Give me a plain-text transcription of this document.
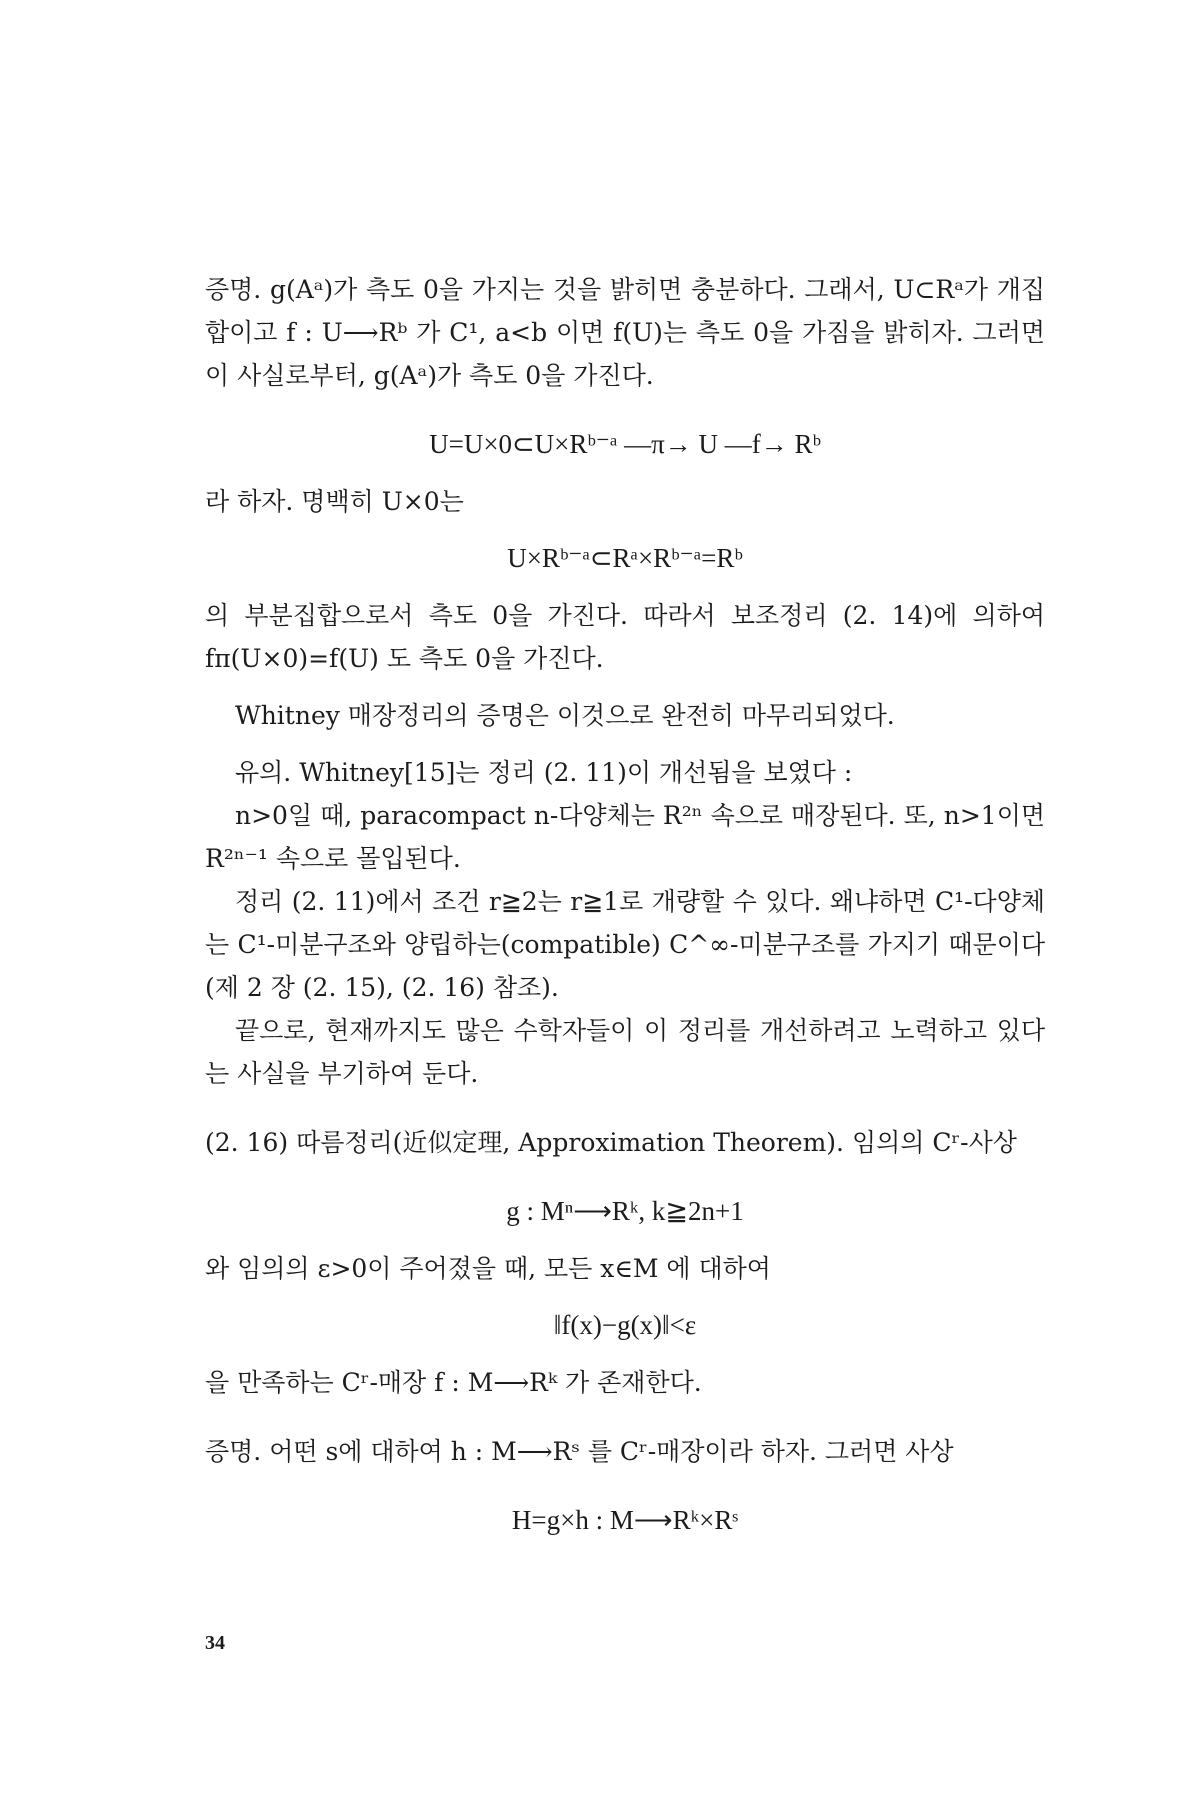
증명. g(Aᵃ)가 측도 0을 가지는 것을 밝히면 충분하다. 그래서, U⊂Rᵃ가 개집합이고 f : U⟶Rᵇ 가 C¹, a<b 이면 f(U)는 측도 0을 가짐을 밝히자. 그러면 이 사실로부터, g(Aᵃ)가 측도 0을 가진다.

U=U×0⊂U×Rᵇ⁻ᵃ —π→ U —f→ Rᵇ

라 하자. 명백히 U×0는

U×Rᵇ⁻ᵃ⊂Rᵃ×Rᵇ⁻ᵃ=Rᵇ

의 부분집합으로서 측도 0을 가진다. 따라서 보조정리 (2. 14)에 의하여 fπ(U×0)=f(U) 도 측도 0을 가진다.

Whitney 매장정리의 증명은 이것으로 완전히 마무리되었다.

유의. Whitney[15]는 정리 (2. 11)이 개선됨을 보였다 :

n>0일 때, paracompact n-다양체는 R²ⁿ 속으로 매장된다. 또, n>1이면 R²ⁿ⁻¹ 속으로 몰입된다.

정리 (2. 11)에서 조건 r≧2는 r≧1로 개량할 수 있다. 왜냐하면 C¹-다양체는 C¹-미분구조와 양립하는(compatible) C^∞-미분구조를 가지기 때문이다(제 2 장 (2. 15), (2. 16) 참조).

끝으로, 현재까지도 많은 수학자들이 이 정리를 개선하려고 노력하고 있다는 사실을 부기하여 둔다.

(2. 16) 따름정리(近似定理, Approximation Theorem). 임의의 Cʳ-사상

g : Mⁿ⟶Rᵏ, k≧2n+1

와 임의의 ε>0이 주어졌을 때, 모든 x∈M 에 대하여

‖f(x)−g(x)‖<ε

을 만족하는 Cʳ-매장 f : M⟶Rᵏ 가 존재한다.

증명. 어떤 s에 대하여 h : M⟶Rˢ 를 Cʳ-매장이라 하자. 그러면 사상

H=g×h : M⟶Rᵏ×Rˢ

34
